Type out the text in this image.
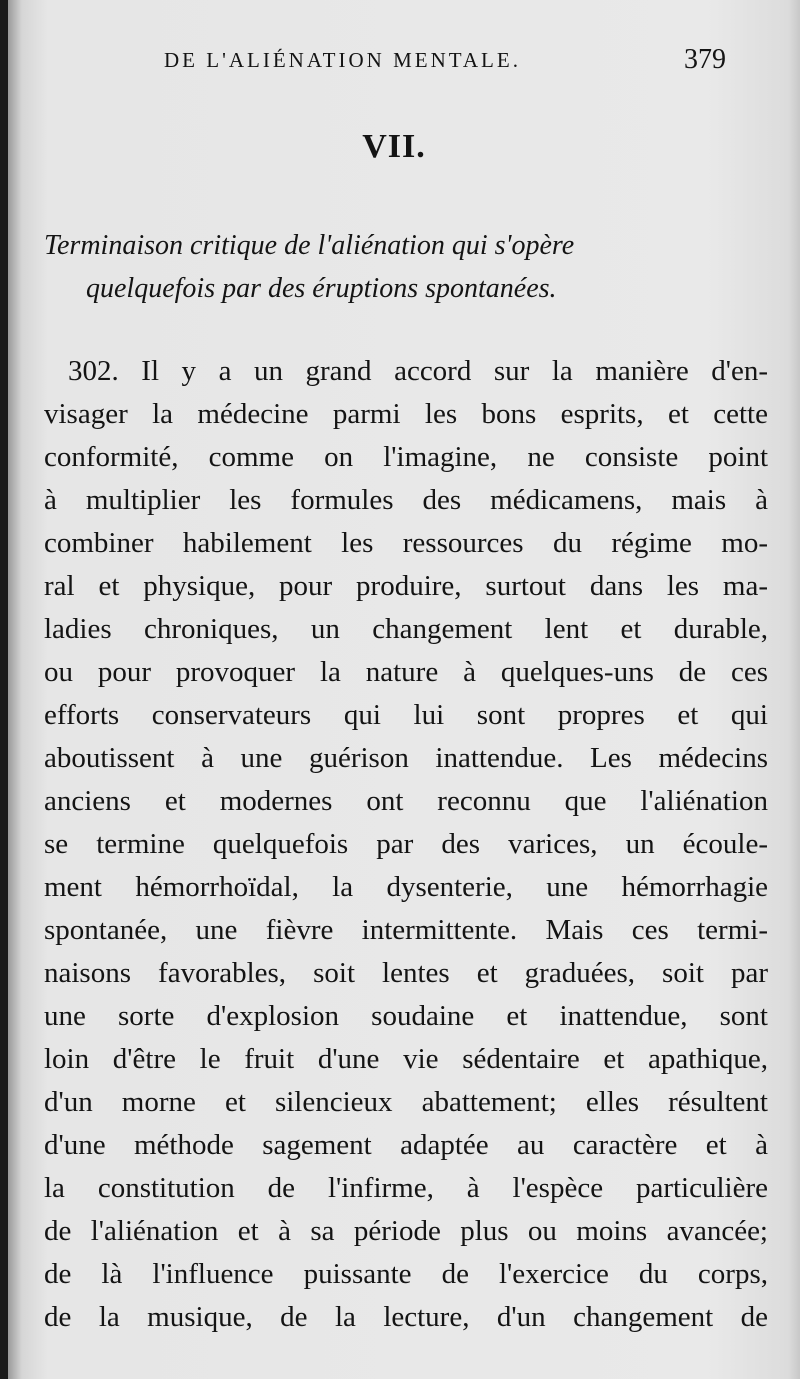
DE L'ALIÉNATION MENTALE.	379
VII.
Terminaison critique de l'aliénation qui s'opère
quelquefois par des éruptions spontanées.
302. Il y a un grand accord sur la manière d'en-
visager la médecine parmi les bons esprits, et cette
conformité, comme on l'imagine, ne consiste point
à multiplier les formules des médicamens, mais à
combiner habilement les ressources du régime mo-
ral et physique, pour produire, surtout dans les ma-
ladies chroniques, un changement lent et durable,
ou pour provoquer la nature à quelques-uns de ces
efforts conservateurs qui lui sont propres et qui
aboutissent à une guérison inattendue. Les médecins
anciens et modernes ont reconnu que l'aliénation
se termine quelquefois par des varices, un écoule-
ment hémorrhoïdal, la dysenterie, une hémorrhagie
spontanée, une fièvre intermittente. Mais ces termi-
naisons favorables, soit lentes et graduées, soit par
une sorte d'explosion soudaine et inattendue, sont
loin d'être le fruit d'une vie sédentaire et apathique,
d'un morne et silencieux abattement; elles résultent
d'une méthode sagement adaptée au caractère et à
la constitution de l'infirme, à l'espèce particulière
de l'aliénation et à sa période plus ou moins avancée;
de là l'influence puissante de l'exercice du corps,
de la musique, de la lecture, d'un changement de
